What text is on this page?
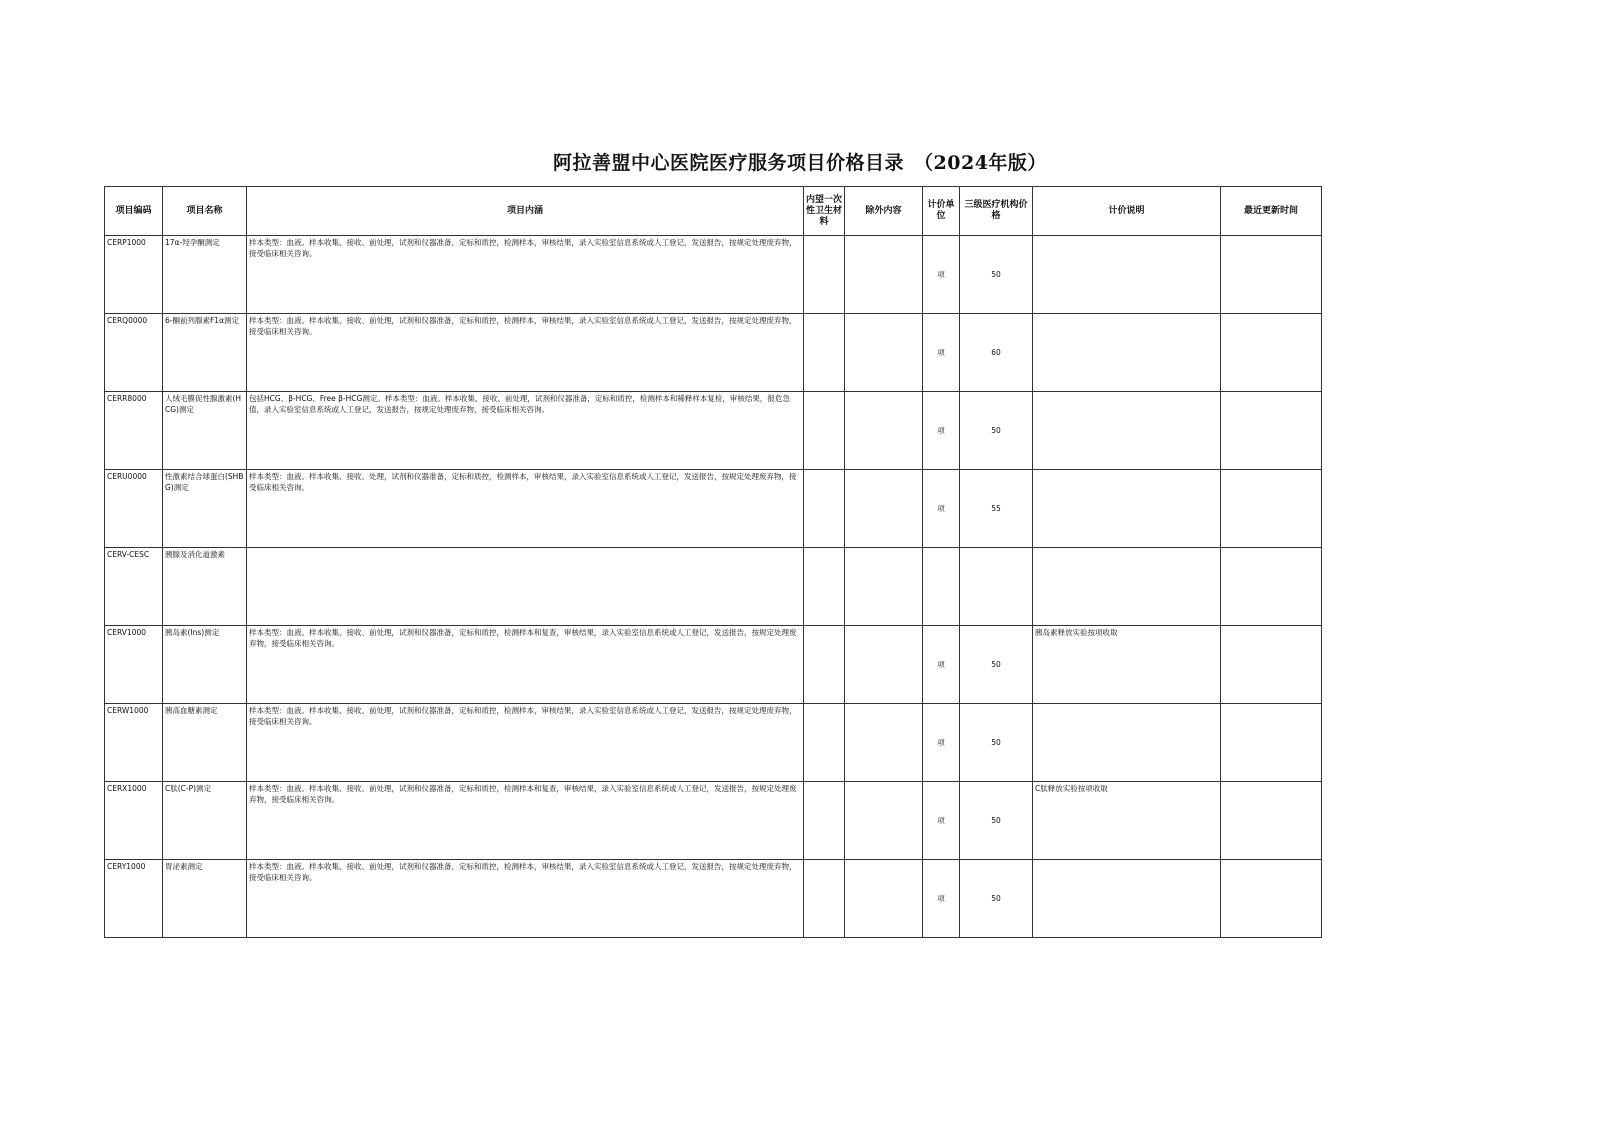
阿拉善盟中心医院医疗服务项目价格目录　（2024年版）
项目编码	项目名称	项目内涵	内望一次性卫生材料	除外内容	计价单位	三级医疗机构价格	计价说明	最近更新时间
CERP1000	17α-羟孕酮测定	样本类型：血液。样本收集、接收、前处理，试剂和仪器准备，定标和质控，检测样本，审核结果，录入实验室信息系统或人工登记，发送报告，按规定处理废弃物，接受临床相关咨询。			项	50		
CERQ0000	6-酮前列腺素F1α测定	样本类型：血液。样本收集、接收、前处理，试剂和仪器准备，定标和质控，检测样本，审核结果，录入实验室信息系统或人工登记，发送报告，按规定处理废弃物，接受临床相关咨询。			项	60		
CERR8000	人绒毛膜促性腺激素(HCG)测定	包括HCG、β-HCG、Free β-HCG测定。样本类型：血液。样本收集、接收、前处理，试剂和仪器准备，定标和质控，检测样本和稀释样本复检，审核结果，报危急值，录入实验室信息系统或人工登记，发送报告，按规定处理废弃物，接受临床相关咨询。			项	50		
CERU0000	性激素结合球蛋白(SHBG)测定	样本类型：血液。样本收集、接收、处理，试剂和仪器准备，定标和质控，检测样本，审核结果，录入实验室信息系统或人工登记，发送报告，按规定处理废弃物，接受临床相关咨询。			项	55		
CERV-CESC	胰腺及消化道激素							
CERV1000	胰岛素(Ins)测定	样本类型：血液。样本收集、接收、前处理，试剂和仪器准备，定标和质控，检测样本和复查，审核结果，录入实验室信息系统或人工登记，发送报告，按规定处理废弃物，接受临床相关咨询。			项	50	胰岛素释放实验按项收取	
CERW1000	胰高血糖素测定	样本类型：血液。样本收集、接收、前处理，试剂和仪器准备，定标和质控，检测样本，审核结果，录入实验室信息系统或人工登记，发送报告，按规定处理废弃物，接受临床相关咨询。			项	50		
CERX1000	C肽(C-P)测定	样本类型：血液。样本收集、接收、前处理，试剂和仪器准备，定标和质控，检测样本和复查，审核结果，录入实验室信息系统或人工登记，发送报告，按规定处理废弃物，接受临床相关咨询。			项	50	C肽释放实验按项收取	
CERY1000	胃泌素测定	样本类型：血液。样本收集、接收、前处理，试剂和仪器准备，定标和质控，检测样本，审核结果，录入实验室信息系统或人工登记，发送报告，按规定处理废弃物，接受临床相关咨询。			项	50		
